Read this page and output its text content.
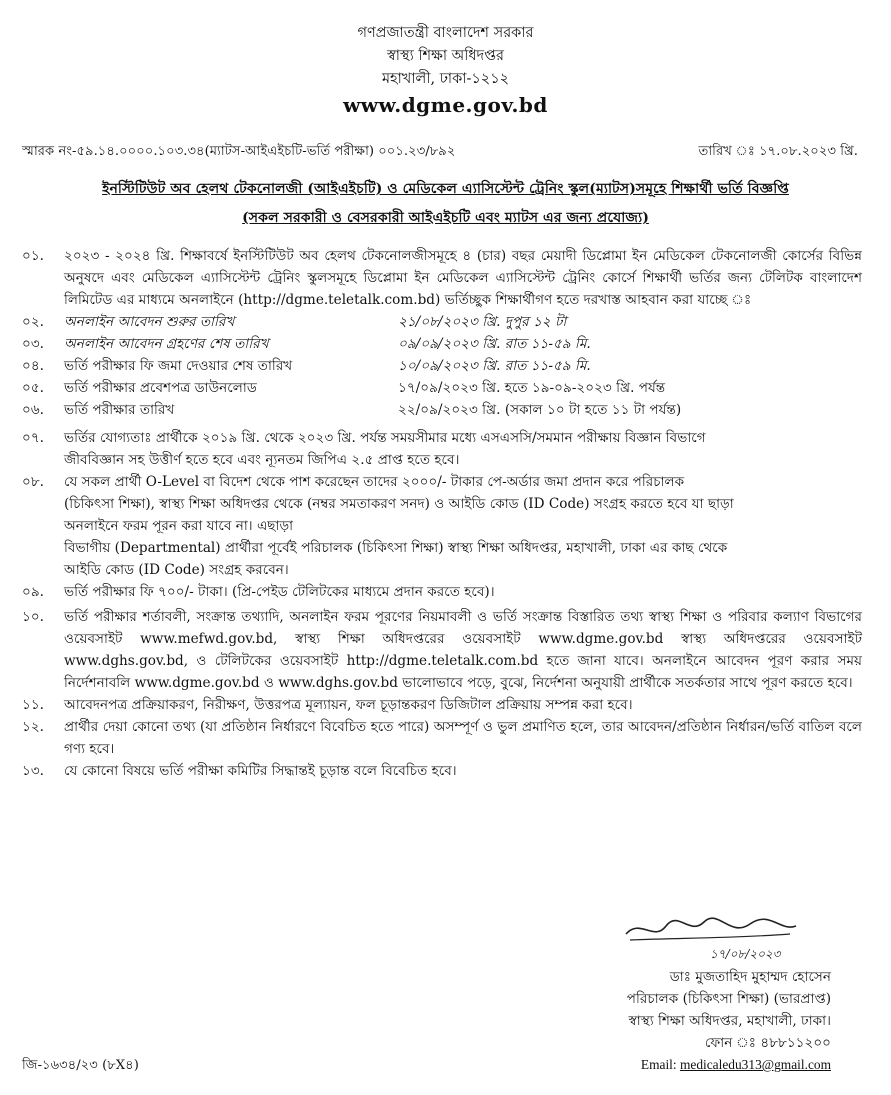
গণপ্রজাতন্ত্রী বাংলাদেশ সরকার
স্বাস্থ্য শিক্ষা অধিদপ্তর
মহাখালী, ঢাকা-১২১২
www.dgme.gov.bd
স্মারক নং-৫৯.১৪.০০০০.১০৩.৩৪(ম্যাটস-আইএইচটি-ভর্তি পরীক্ষা) ০০১.২৩/৮৯২	তারিখ ঃ ১৭.০৮.২০২৩ খ্রি.
ইনস্টিটিউট অব হেলথ টেকনোলজী (আইএইচটি) ও মেডিকেল এ্যাসিস্টেন্ট ট্রেনিং স্কুল(ম্যাটস)সমূহে শিক্ষার্থী ভর্তি বিজ্ঞপ্তি
(সকল সরকারী ও বেসরকারী আইএইচটি এবং ম্যাটস এর জন্য প্রযোজ্য)
০১. ২০২৩ - ২০২৪ খ্রি. শিক্ষাবর্ষে ইনস্টিটিউট অব হেলথ টেকনোলজীসমূহে ৪ (চার) বছর মেয়াদী ডিপ্লোমা ইন মেডিকেল টেকনোলজী কোর্সের বিভিন্ন অনুষদে এবং মেডিকেল এ্যাসিস্টেন্ট ট্রেনিং স্কুলসমূহে ডিপ্লোমা ইন মেডিকেল এ্যাসিস্টেন্ট ট্রেনিং কোর্সে শিক্ষার্থী ভর্তির জন্য টেলিটক বাংলাদেশ লিমিটেড এর মাধ্যমে অনলাইনে (http://dgme.teletalk.com.bd) ভর্তিচ্ছুক শিক্ষার্থীগণ হতে দরখাস্ত আহবান করা যাচ্ছে ঃ

০২. অনলাইন আবেদন শুরুর তারিখ	২১/০৮/২০২৩ খ্রি. দুপুর ১২ টা
০৩. অনলাইন আবেদন গ্রহণের শেষ তারিখ	০৯/০৯/২০২৩ খ্রি. রাত ১১-৫৯ মি.
০৪. ভর্তি পরীক্ষার ফি জমা দেওয়ার শেষ তারিখ	১০/০৯/২০২৩ খ্রি. রাত ১১-৫৯ মি.
০৫. ভর্তি পরীক্ষার প্রবেশপত্র ডাউনলোড	১৭/০৯/২০২৩ খ্রি. হতে ১৯-০৯-২০২৩ খ্রি. পর্যন্ত
০৬. ভর্তি পরীক্ষার তারিখ	২২/০৯/২০২৩ খ্রি. (সকাল ১০ টা হতে ১১ টা পর্যন্ত)
০৭. ভর্তির যোগ্যতাঃ প্রার্থীকে ২০১৯ খ্রি. থেকে ২০২৩ খ্রি. পর্যন্ত সময়সীমার মধ্যে এসএসসি/সমমান পরীক্ষায় বিজ্ঞান বিভাগে

জীববিজ্ঞান সহ উত্তীর্ণ হতে হবে এবং ন্যূনতম জিপিএ ২.৫ প্রাপ্ত হতে হবে।

০৮. যে সকল প্রার্থী O-Level বা বিদেশ থেকে পাশ করেছেন তাদের ২০০০/- টাকার পে-অর্ডার জমা প্রদান করে পরিচালক

(চিকিৎসা শিক্ষা), স্বাস্থ্য শিক্ষা অধিদপ্তর থেকে (নম্বর সমতাকরণ সনদ) ও আইডি কোড (ID Code) সংগ্রহ করতে হবে যা ছাড়া

অনলাইনে ফরম পূরন করা যাবে না। এছাড়া

বিভাগীয় (Departmental) প্রার্থীরা পূর্বেই পরিচালক (চিকিৎসা শিক্ষা) স্বাস্থ্য শিক্ষা অধিদপ্তর, মহাখালী, ঢাকা এর কাছ থেকে

আইডি কোড (ID Code) সংগ্রহ করবেন।

০৯. ভর্তি পরীক্ষার ফি ৭০০/- টাকা। (প্রি-পেইড টেলিটকের মাধ্যমে প্রদান করতে হবে)।

১০. ভর্তি পরীক্ষার শর্তাবলী, সংক্রান্ত তথ্যাদি, অনলাইন ফরম পূরণের নিয়মাবলী ও ভর্তি সংক্রান্ত বিস্তারিত তথ্য স্বাস্থ্য শিক্ষা ও পরিবার কল্যাণ বিভাগের ওয়েবসাইট www.mefwd.gov.bd, স্বাস্থ্য শিক্ষা অধিদপ্তরের ওয়েবসাইট www.dgme.gov.bd স্বাস্থ্য অধিদপ্তরের ওয়েবসাইট www.dghs.gov.bd, ও টেলিটকের ওয়েবসাইট http://dgme.teletalk.com.bd হতে জানা যাবে। অনলাইনে আবেদন পূরণ করার সময় নির্দেশনাবলি www.dgme.gov.bd ও www.dghs.gov.bd ভালোভাবে পড়ে, বুঝে, নির্দেশনা অনুযায়ী প্রার্থীকে সতর্কতার সাথে পূরণ করতে হবে।

১১. আবেদনপত্র প্রক্রিয়াকরণ, নিরীক্ষণ, উত্তরপত্র মূল্যায়ন, ফল চূড়ান্তকরণ ডিজিটাল প্রক্রিয়ায় সম্পন্ন করা হবে।

১২. প্রার্থীর দেয়া কোনো তথ্য (যা প্রতিষ্ঠান নির্ধারণে বিবেচিত হতে পারে) অসম্পূর্ণ ও ভুল প্রমাণিত হলে, তার আবেদন/প্রতিষ্ঠান নির্ধারন/ভর্তি বাতিল বলে গণ্য হবে।

১৩. যে কোনো বিষয়ে ভর্তি পরীক্ষা কমিটির সিদ্ধান্তই চূড়ান্ত বলে বিবেচিত হবে।

১৭/০৮/২০২৩
ডাঃ মুজতাহিদ মুহাম্মদ হোসেন
পরিচালক (চিকিৎসা শিক্ষা) (ভারপ্রাপ্ত)
স্বাস্থ্য শিক্ষা অধিদপ্তর, মহাখালী, ঢাকা।
ফোন ঃ ৪৮৮১১২০০
Email: medicaledu313@gmail.com
জি-১৬৩৪/২৩ (৮X৪)
